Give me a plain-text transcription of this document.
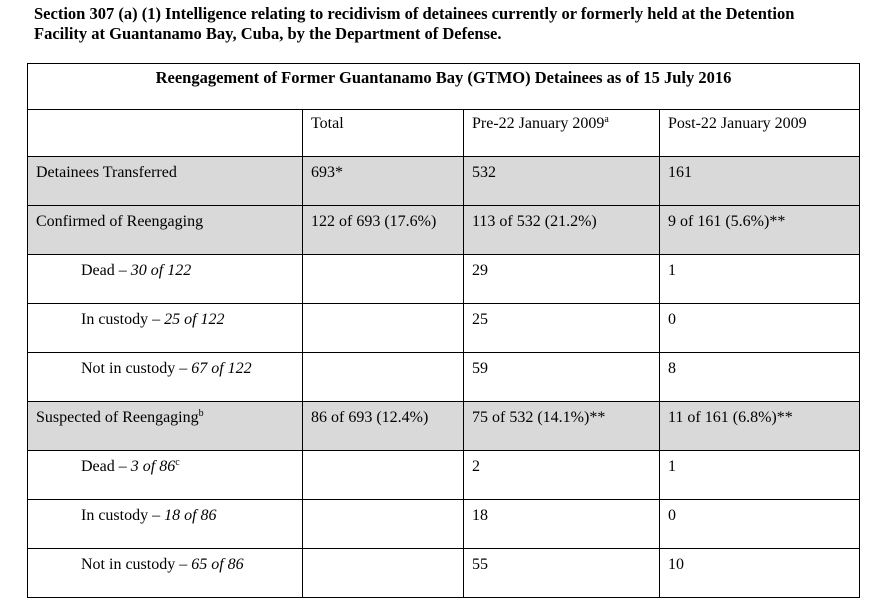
Section 307 (a) (1) Intelligence relating to recidivism of detainees currently or formerly held at the Detention
Facility at Guantanamo Bay, Cuba, by the Department of Defense.
Reengagement of Former Guantanamo Bay (GTMO) Detainees as of 15 July 2016			
	Total	Pre-22 January 2009$^a$	Post-22 January 2009
Detainees Transferred	693*	532	161
Confirmed of Reengaging	122 of 693 (17.6%)	113 of 532 (21.2%)	9 of 161 (5.6%)**
Dead – 30 of 122		29	1
In custody – 25 of 122		25	0
Not in custody – 67 of 122		59	8
Suspected of Reengaging$^b$	86 of 693 (12.4%)	75 of 532 (14.1%)**	11 of 161 (6.8%)**
Dead – 3 of 86$^c$		2	1
In custody – 18 of 86		18	0
Not in custody – 65 of 86		55	10
